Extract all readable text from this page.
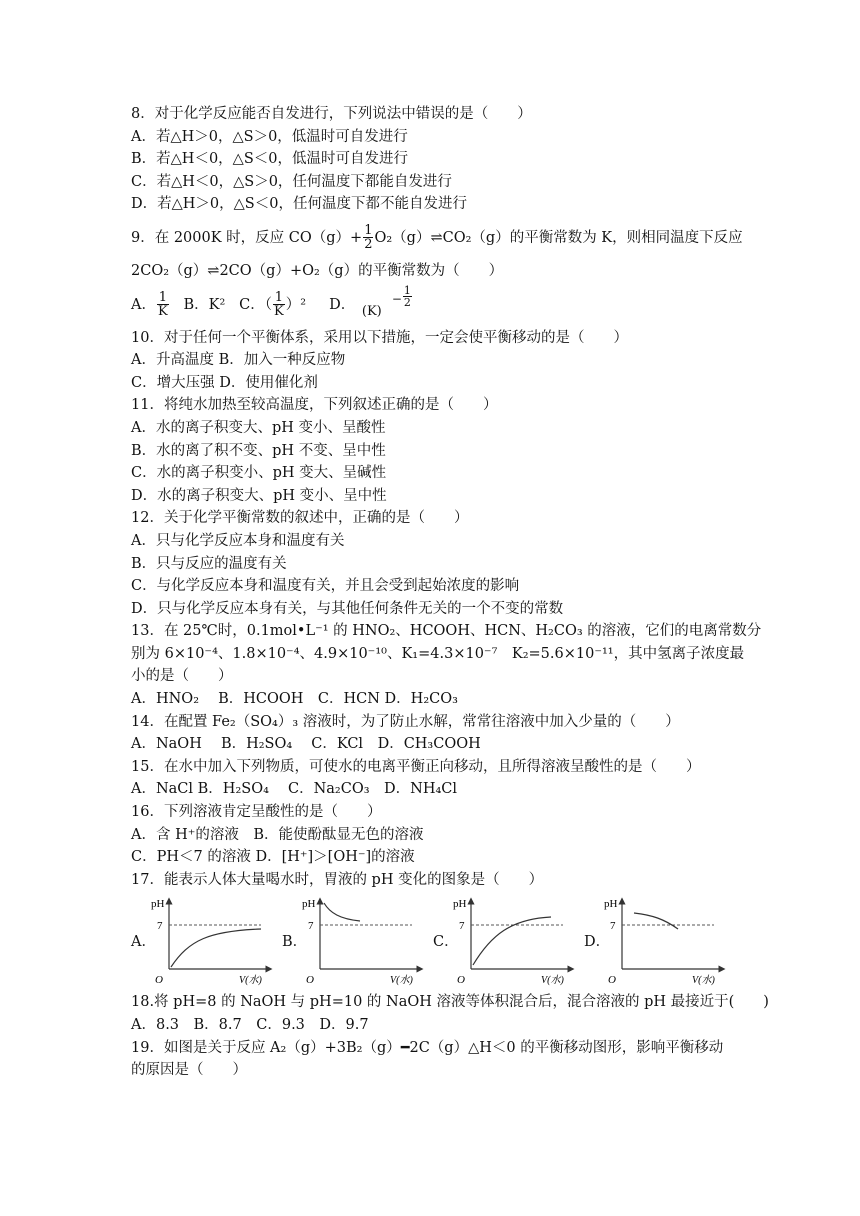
8．对于化学反应能否自发进行，下列说法中错误的是（　　）
A．若△H＞0，△S＞0，低温时可自发进行
B．若△H＜0，△S＜0，低温时可自发进行
C．若△H＜0，△S＞0，任何温度下都能自发进行
D．若△H＞0，△S＜0，任何温度下都不能自发进行
9．在 2000K 时，反应 $CO(g)+ \frac{1}{2}$ O₂（g）⇌CO₂（g）的平衡常数为 K，则相同温度下反应
2CO₂（g）⇌2CO（g）+O₂（g）的平衡常数为（　　）
A． $\frac{1}{K}$ B．K² C．（ $\frac{1}{K} )^2$ D． (K)
− $\frac{1}{2}$
10．对于任何一个平衡体系，采用以下措施，一定会使平衡移动的是（　　）
A．升高温度 B．加入一种反应物
C．增大压强 D．使用催化剂
11．将纯水加热至较高温度，下列叙述正确的是（　　）
A．水的离子积变大、pH 变小、呈酸性
B．水的离了积不变、pH 不变、呈中性
C．水的离子积变小、pH 变大、呈碱性
D．水的离子积变大、pH 变小、呈中性
12．关于化学平衡常数的叙述中，正确的是（　　）
A．只与化学反应本身和温度有关
B．只与反应的温度有关
C．与化学反应本身和温度有关，并且会受到起始浓度的影响
D．只与化学反应本身有关，与其他任何条件无关的一个不变的常数
13．在 25℃时，0.1mol•L⁻¹ 的 HNO₂、HCOOH、HCN、H₂CO₃ 的溶液，它们的电离常数分
别为 6×10⁻⁴、1.8×10⁻⁴、4.9×10⁻¹⁰、K₁=4.3×10⁻⁷　K₂=5.6×10⁻¹¹，其中氢离子浓度最
小的是（　　）
A．HNO₂　 B．HCOOH　C．HCN D．H₂CO₃
14．在配置 Fe₂（SO₄）₃ 溶液时，为了防止水解，常常往溶液中加入少量的（　　）
A．NaOH　 B．H₂SO₄　 C．KCl　D．CH₃COOH
15．在水中加入下列物质，可使水的电离平衡正向移动，且所得溶液呈酸性的是（　　）
A．NaCl B．H₂SO₄　 C．Na₂CO₃　D．NH₄Cl
16．下列溶液肯定呈酸性的是（　　）
A．含 H⁺的溶液　B．能使酚酞显无色的溶液
C．PH＜7 的溶液 D．[H⁺]＞[OH⁻]的溶液
17．能表示人体大量喝水时，胃液的 pH 变化的图象是（　　）
A．
pH
7
O	V(水)
B．
pH
7
O	V(水)
C．
pH
7
O	V(水)
D．
pH
7
O	V(水)
18.将 pH=8 的 NaOH 与 pH=10 的 NaOH 溶液等体积混合后，混合溶液的 pH 最接近于(　　)
A．8.3　B．8.7　C．9.3　D．9.7
19．如图是关于反应 A₂（g）+3B₂（g）━2C（g）△H＜0 的平衡移动图形，影响平衡移动
的原因是（　　）
